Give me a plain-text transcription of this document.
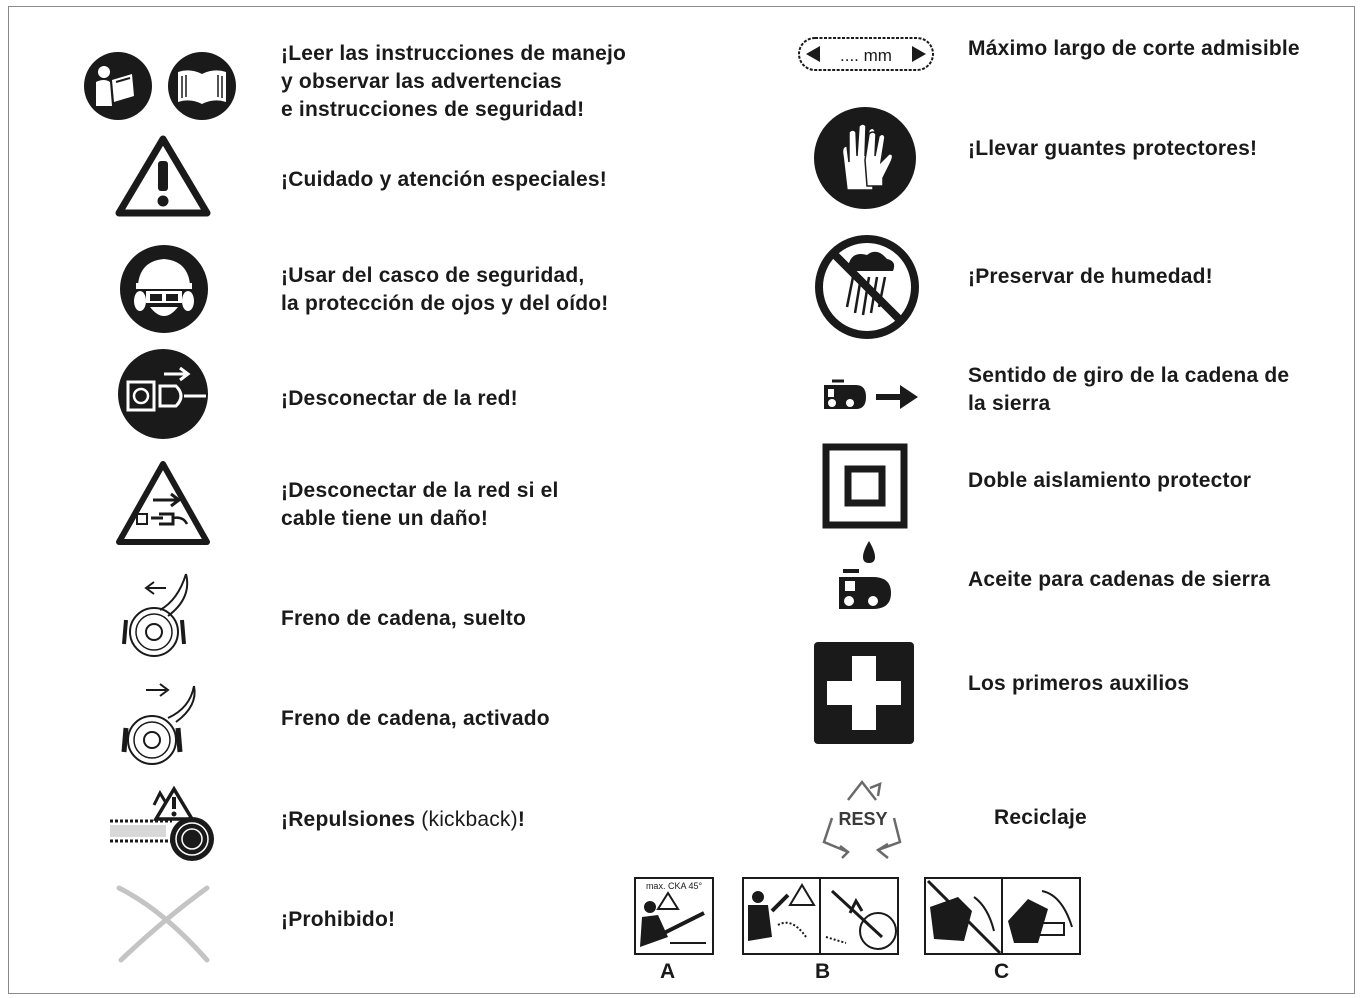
¡Leer las instrucciones de manejo
y observar las advertencias
e instrucciones de seguridad!
¡Cuidado y atención especiales!
¡Usar del casco de seguridad,
la protección de ojos y del oído!
¡Desconectar de la red!
¡Desconectar de la red si el
cable tiene un daño!
Freno de cadena, suelto
Freno de cadena, activado
¡Repulsiones (kickback)!
¡Prohibido!
.... mm	Máximo largo de corte admisible
¡Llevar guantes protectores!
¡Preservar de humedad!
Sentido de giro de la cadena de
la sierra
Doble aislamiento protector
Aceite para cadenas de sierra
Los primeros auxilios
RESY	Reciclaje
max. CKA 45°
A	B	C
